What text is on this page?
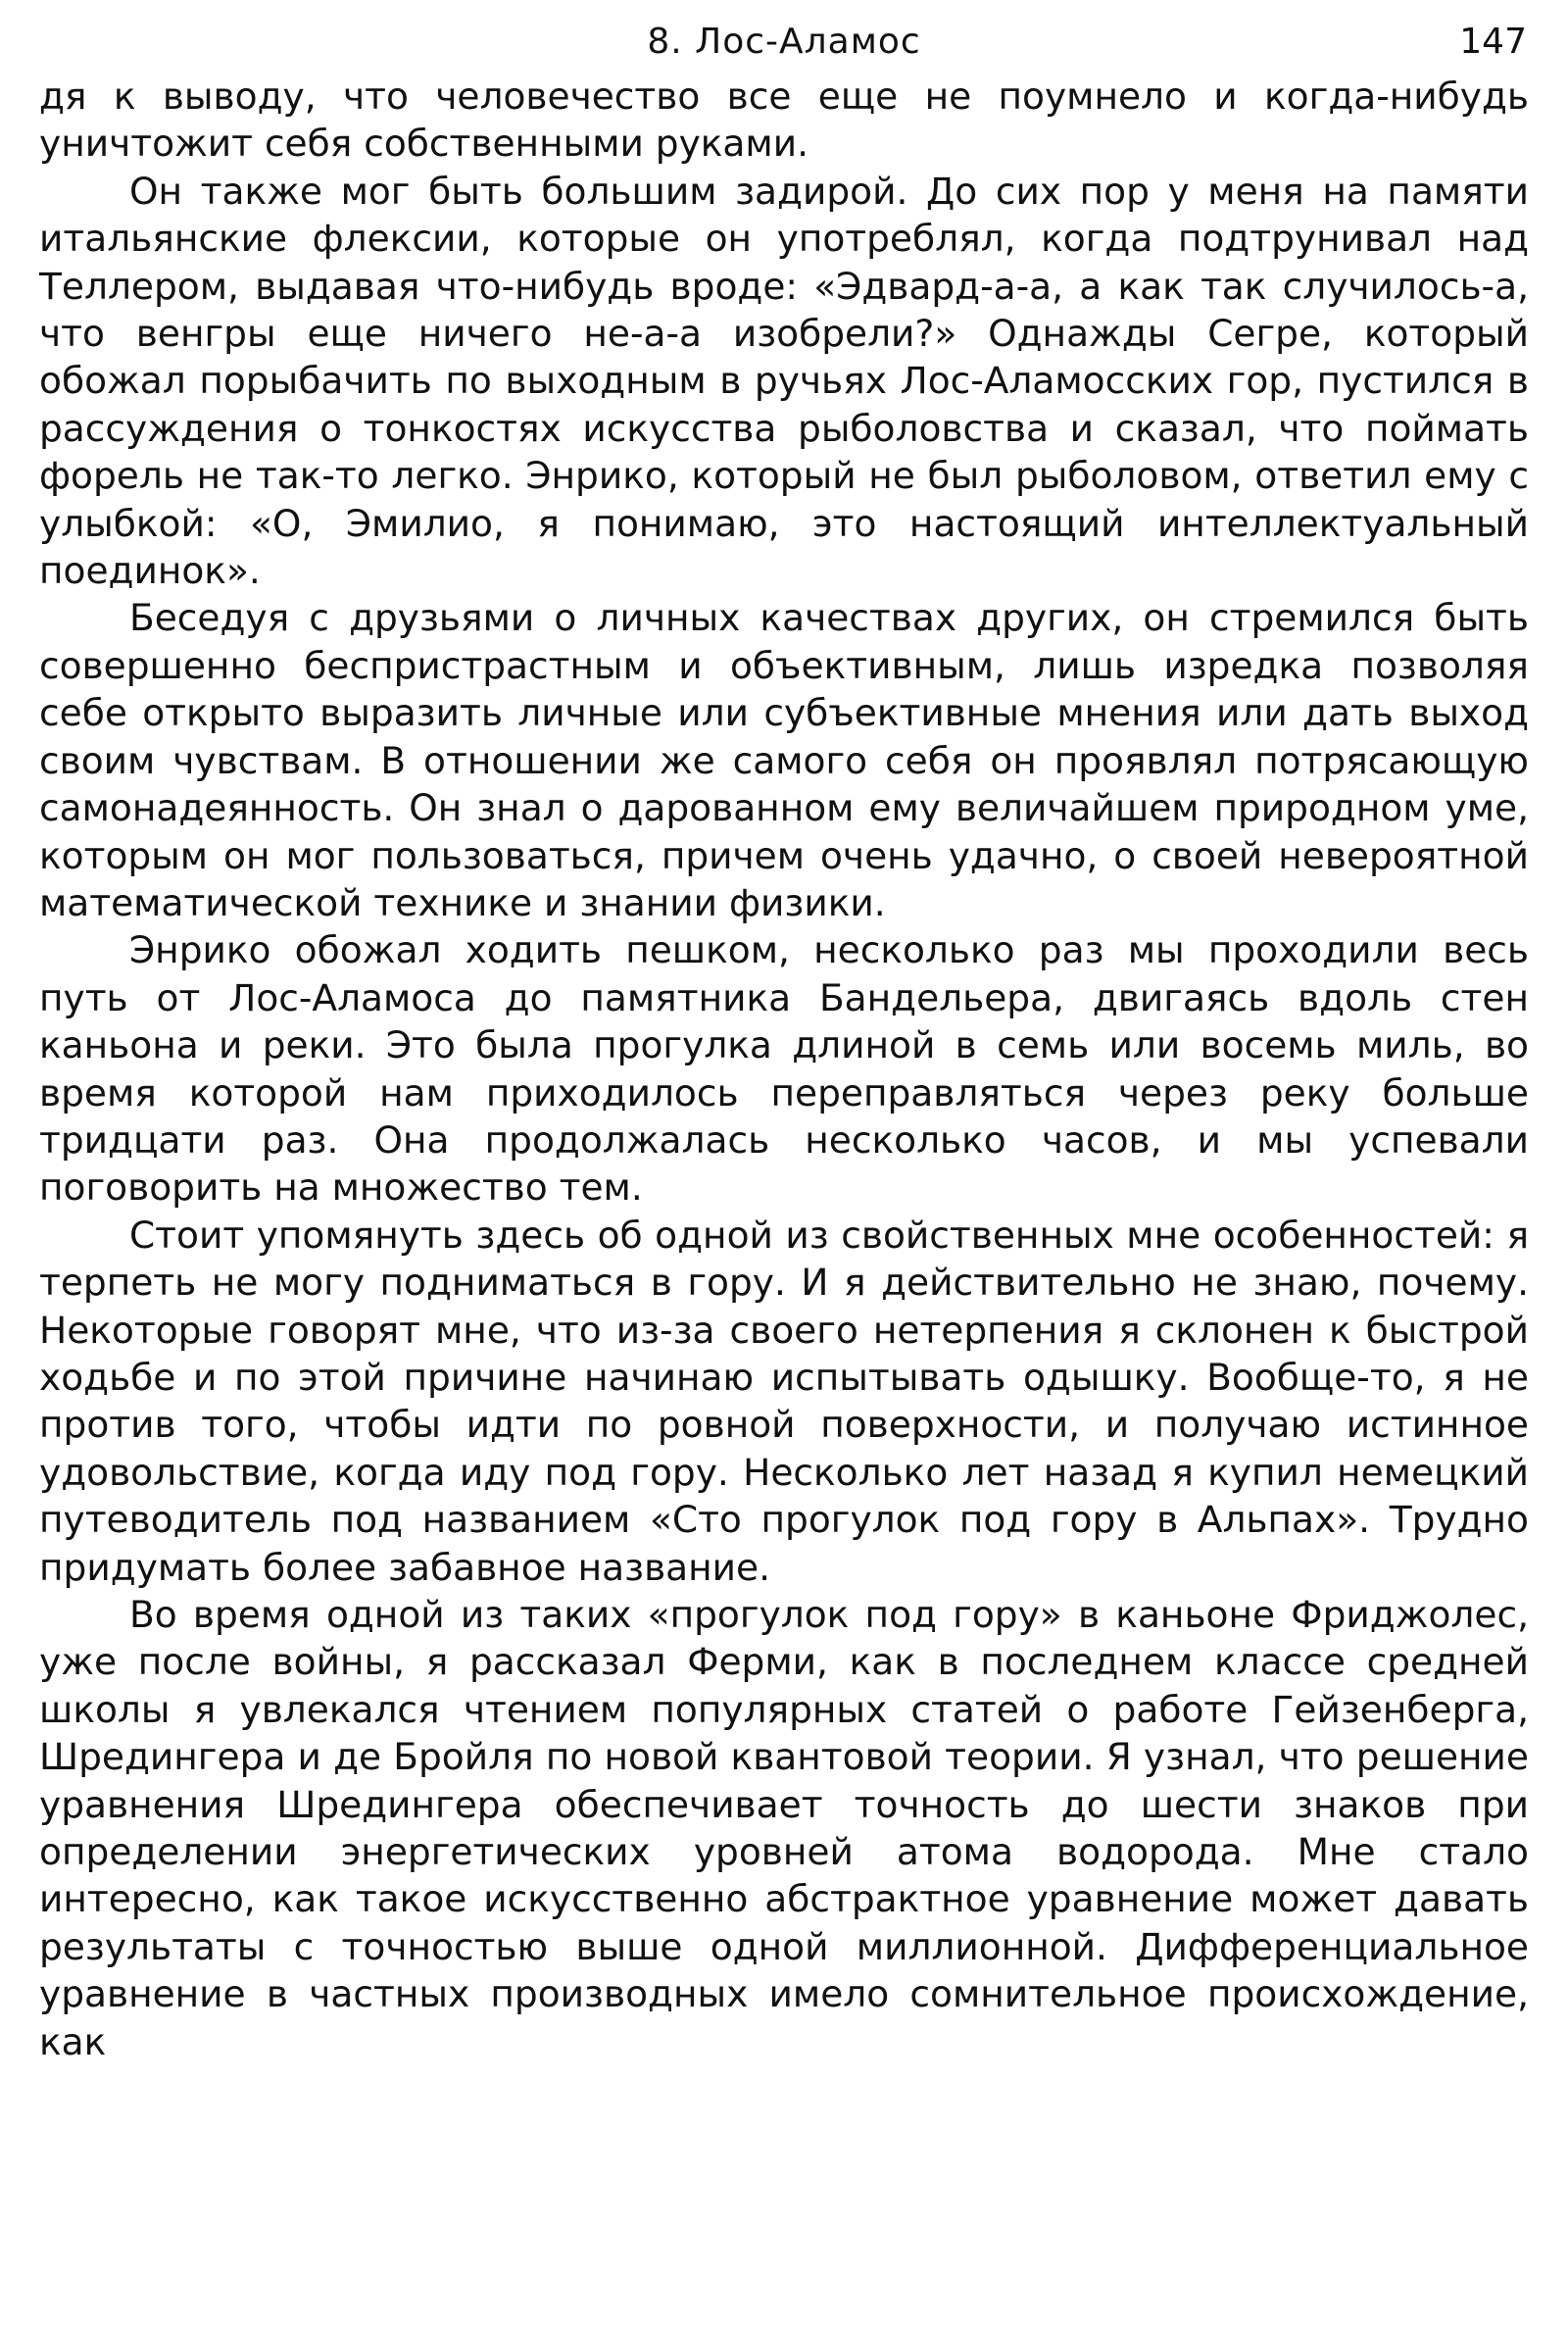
8. Лос-Аламос	147

дя к выводу, что человечество все еще не поумнело и когда-нибудь уничтожит себя собственными руками.

Он также мог быть большим задирой. До сих пор у меня на памяти итальянские флексии, которые он употреблял, когда подтрунивал над Теллером, выдавая что-нибудь вроде: «Эдвард-а-а, а как так случилось-а, что венгры еще ничего не-а-а изобрели?» Однажды Сегре, который обожал порыбачить по выходным в ручьях Лос-Аламосских гор, пустился в рассуждения о тонкостях искусства рыболовства и сказал, что поймать форель не так-то легко. Энрико, который не был рыболовом, ответил ему с улыбкой: «О, Эмилио, я понимаю, это настоящий интеллектуальный поединок».

Беседуя с друзьями о личных качествах других, он стремился быть совершенно беспристрастным и объективным, лишь изредка позволяя себе открыто выразить личные или субъективные мнения или дать выход своим чувствам. В отношении же самого себя он проявлял потрясающую самонадеянность. Он знал о дарованном ему величайшем природном уме, которым он мог пользоваться, причем очень удачно, о своей невероятной математической технике и знании физики.

Энрико обожал ходить пешком, несколько раз мы проходили весь путь от Лос-Аламоса до памятника Бандельера, двигаясь вдоль стен каньона и реки. Это была прогулка длиной в семь или восемь миль, во время которой нам приходилось переправляться через реку больше тридцати раз. Она продолжалась несколько часов, и мы успевали поговорить на множество тем.

Стоит упомянуть здесь об одной из свойственных мне особенностей: я терпеть не могу подниматься в гору. И я действительно не знаю, почему. Некоторые говорят мне, что из-за своего нетерпения я склонен к быстрой ходьбе и по этой причине начинаю испытывать одышку. Вообще-то, я не против того, чтобы идти по ровной поверхности, и получаю истинное удовольствие, когда иду под гору. Несколько лет назад я купил немецкий путеводитель под названием «Сто прогулок под гору в Альпах». Трудно придумать более забавное название.

Во время одной из таких «прогулок под гору» в каньоне Фриджолес, уже после войны, я рассказал Ферми, как в последнем классе средней школы я увлекался чтением популярных статей о работе Гейзенберга, Шредингера и де Бройля по новой квантовой теории. Я узнал, что решение уравнения Шредингера обеспечивает точность до шести знаков при определении энергетических уровней атома водорода. Мне стало интересно, как такое искусственно абстрактное уравнение может давать результаты с точностью выше одной миллионной. Дифференциальное уравнение в частных производных имело сомнительное происхождение, как
